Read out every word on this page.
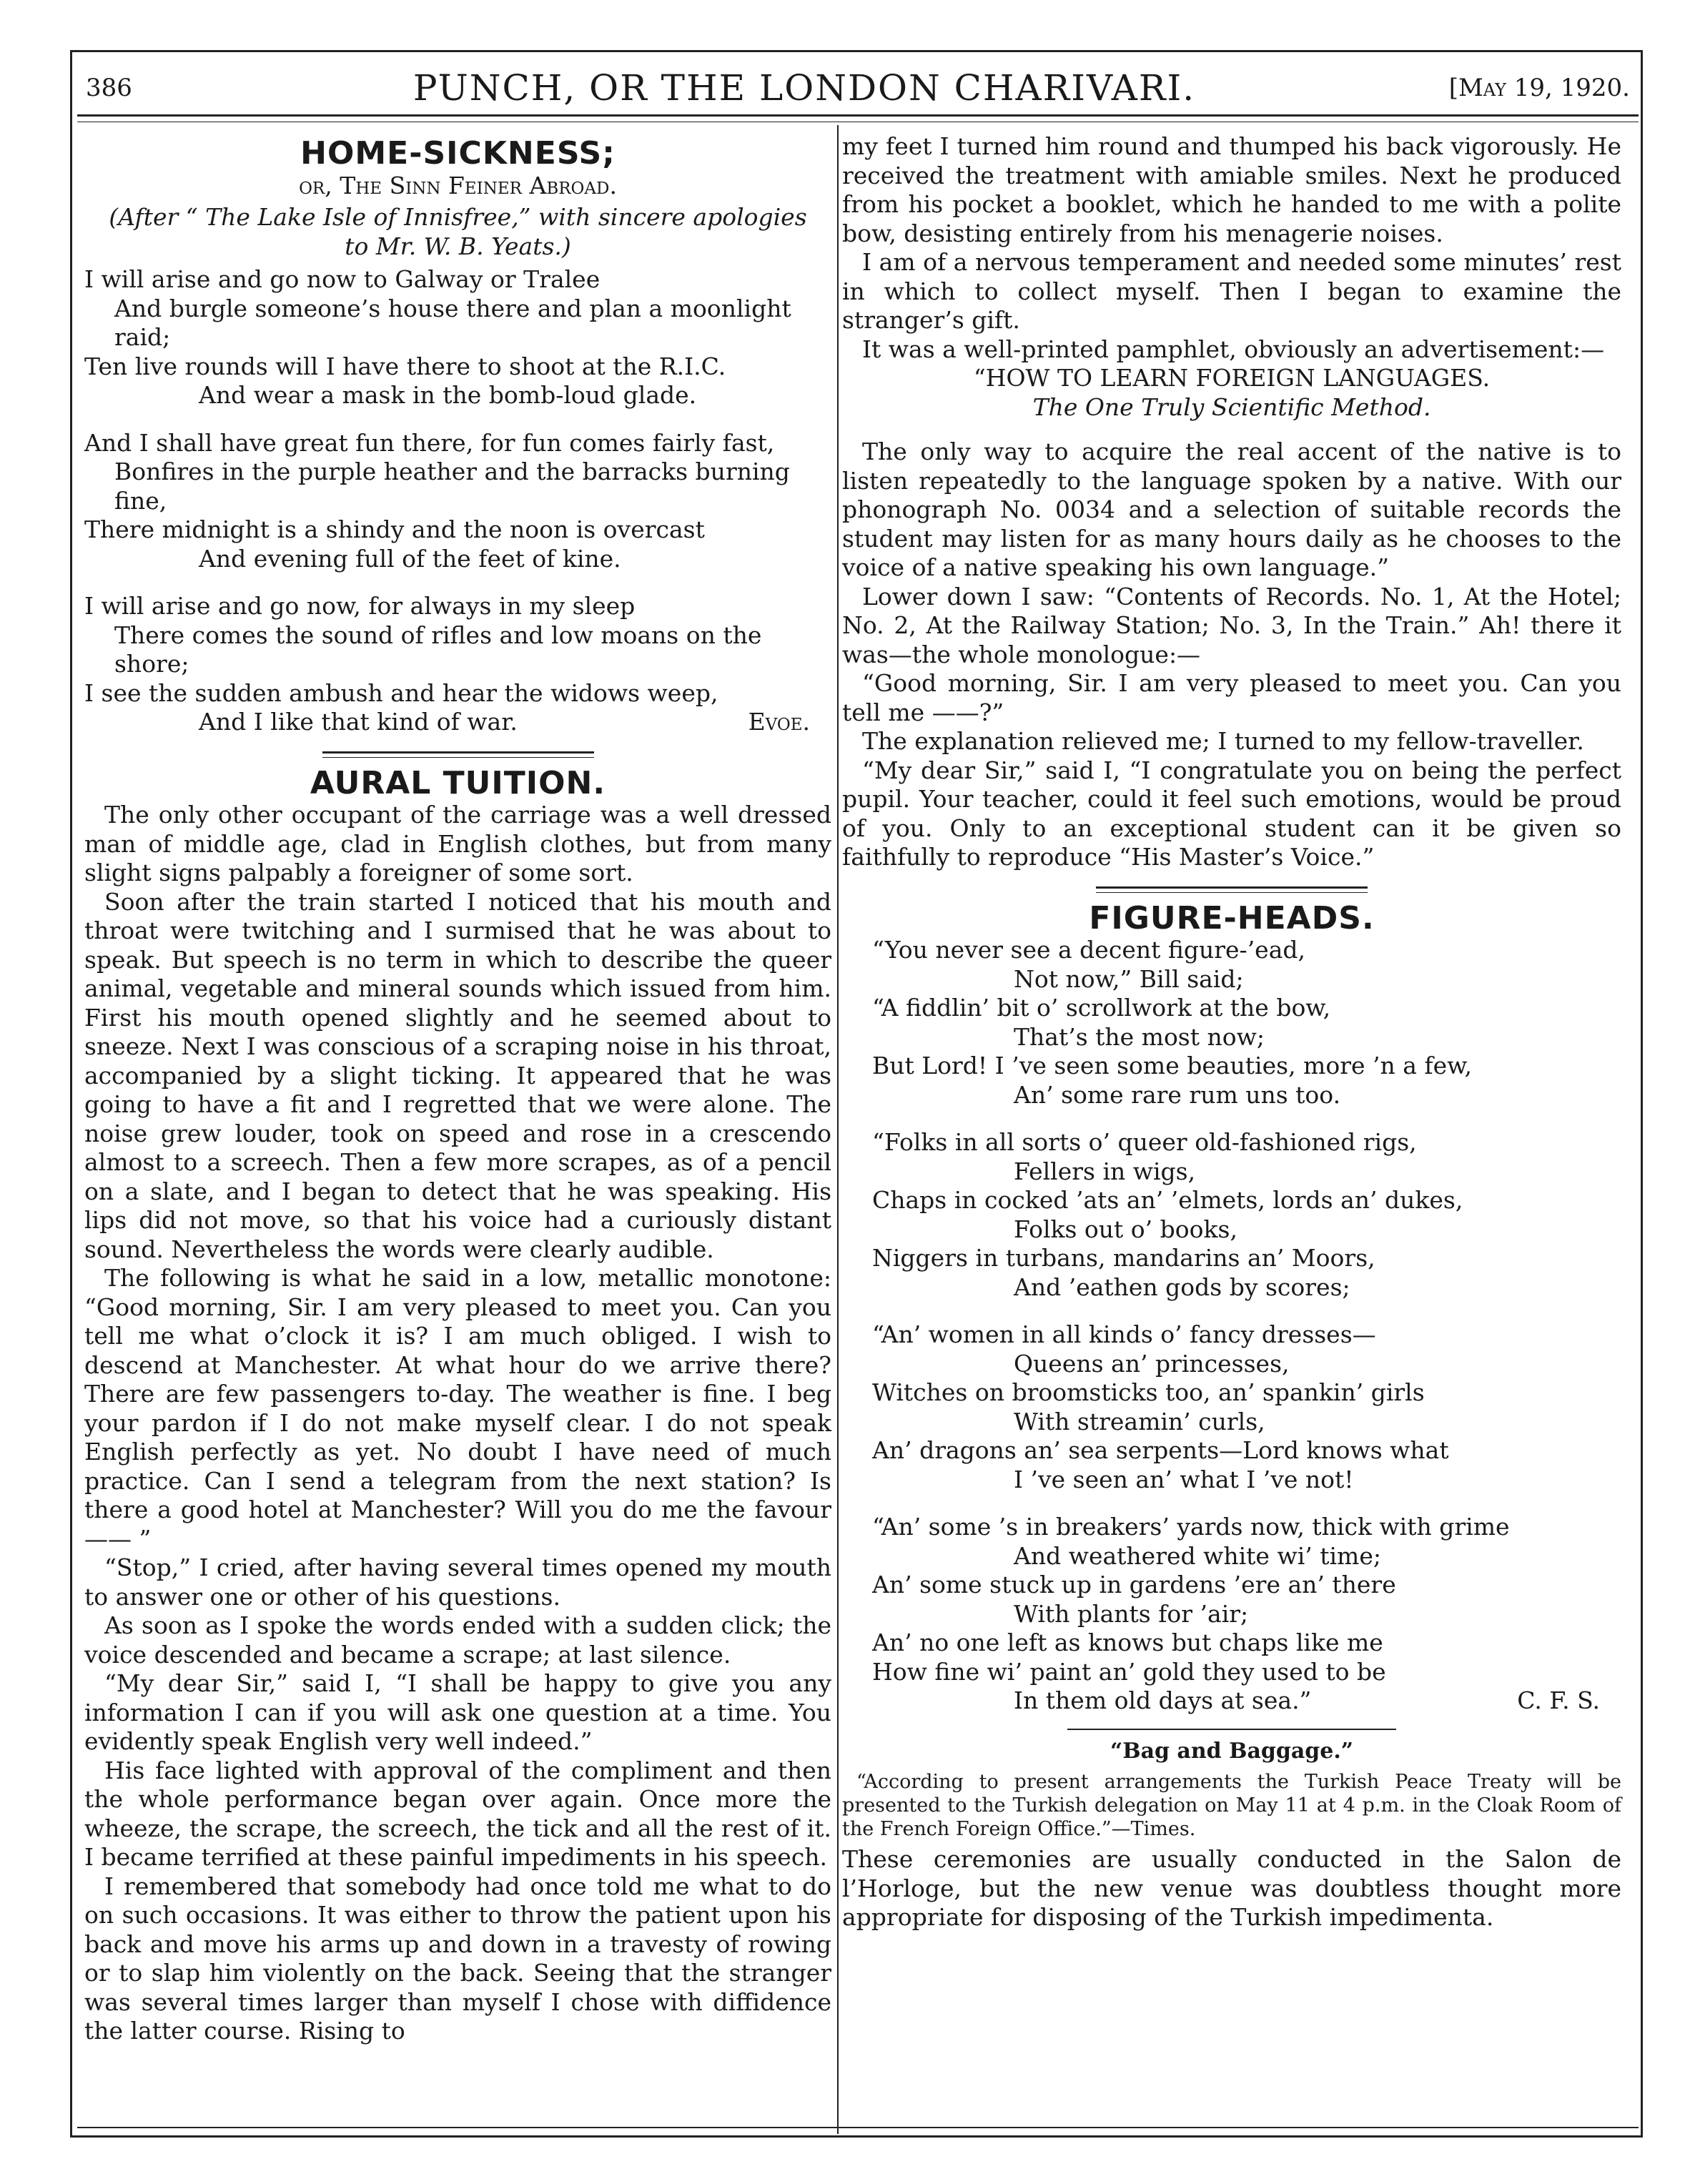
386	PUNCH, OR THE LONDON CHARIVARI.	[May 19, 1920.
HOME-SICKNESS;
or, The Sinn Feiner Abroad.
(After “ The Lake Isle of Innisfree,” with sincere apologies
to Mr. W. B. Yeats.)
I will arise and go now to Galway or Tralee
And burgle someone’s house there and plan a moonlight
raid;
Ten live rounds will I have there to shoot at the R.I.C.
And wear a mask in the bomb-loud glade.
And I shall have great fun there, for fun comes fairly fast,
Bonfires in the purple heather and the barracks burning
fine,
There midnight is a shindy and the noon is overcast
And evening full of the feet of kine.
I will arise and go now, for always in my sleep
There comes the sound of rifles and low moans on the
shore;
I see the sudden ambush and hear the widows weep,
And I like that kind of war.	Evoe.
AURAL TUITION.

The only other occupant of the carriage was a well dressed man of middle age, clad in English clothes, but from many slight signs palpably a foreigner of some sort.

Soon after the train started I noticed that his mouth and throat were twitching and I surmised that he was about to speak. But speech is no term in which to describe the queer animal, vegetable and mineral sounds which issued from him. First his mouth opened slightly and he seemed about to sneeze. Next I was conscious of a scraping noise in his throat, accompanied by a slight ticking. It appeared that he was going to have a fit and I regretted that we were alone. The noise grew louder, took on speed and rose in a crescendo almost to a screech. Then a few more scrapes, as of a pencil on a slate, and I began to detect that he was speaking. His lips did not move, so that his voice had a curiously distant sound. Nevertheless the words were clearly audible.

The following is what he said in a low, metallic monotone: “Good morning, Sir. I am very pleased to meet you. Can you tell me what o’clock it is? I am much obliged. I wish to descend at Manchester. At what hour do we arrive there? There are few passengers to-day. The weather is fine. I beg your pardon if I do not make myself clear. I do not speak English perfectly as yet. No doubt I have need of much practice. Can I send a telegram from the next station? Is there a good hotel at Manchester? Will you do me the favour—— ”

“Stop,” I cried, after having several times opened my mouth to answer one or other of his questions.

As soon as I spoke the words ended with a sudden click; the voice descended and became a scrape; at last silence.

“My dear Sir,” said I, “I shall be happy to give you any information I can if you will ask one question at a time. You evidently speak English very well indeed.”

His face lighted with approval of the compliment and then the whole performance began over again. Once more the wheeze, the scrape, the screech, the tick and all the rest of it. I became terrified at these painful impediments in his speech.

I remembered that somebody had once told me what to do on such occasions. It was either to throw the patient upon his back and move his arms up and down in a travesty of rowing or to slap him violently on the back. Seeing that the stranger was several times larger than myself I chose with diffidence the latter course. Rising to

my feet I turned him round and thumped his back vigorously. He received the treatment with amiable smiles. Next he produced from his pocket a booklet, which he handed to me with a polite bow, desisting entirely from his menagerie noises.

I am of a nervous temperament and needed some minutes’ rest in which to collect myself. Then I began to examine the stranger’s gift.

It was a well-printed pamphlet, obviously an advertisement:—

“HOW TO LEARN FOREIGN LANGUAGES.
The One Truly Scientific Method.

The only way to acquire the real accent of the native is to listen repeatedly to the language spoken by a native. With our phonograph No. 0034 and a selection of suitable records the student may listen for as many hours daily as he chooses to the voice of a native speaking his own language.”

Lower down I saw: “Contents of Records. No. 1, At the Hotel; No. 2, At the Railway Station; No. 3, In the Train.” Ah! there it was—the whole monologue:—

“Good morning, Sir. I am very pleased to meet you. Can you tell me ——?”

The explanation relieved me; I turned to my fellow-traveller.

“My dear Sir,” said I, “I congratulate you on being the perfect pupil. Your teacher, could it feel such emotions, would be proud of you. Only to an exceptional student can it be given so faithfully to reproduce “His Master’s Voice.”

FIGURE-HEADS.
“You never see a decent figure-’ead,
Not now,” Bill said;
“A fiddlin’ bit o’ scrollwork at the bow,
That’s the most now;
But Lord! I ’ve seen some beauties, more ’n a few,
An’ some rare rum uns too.
“Folks in all sorts o’ queer old-fashioned rigs,
Fellers in wigs,
Chaps in cocked ’ats an’ ’elmets, lords an’ dukes,
Folks out o’ books,
Niggers in turbans, mandarins an’ Moors,
And ’eathen gods by scores;
“An’ women in all kinds o’ fancy dresses—
Queens an’ princesses,
Witches on broomsticks too, an’ spankin’ girls
With streamin’ curls,
An’ dragons an’ sea serpents—Lord knows what
I ’ve seen an’ what I ’ve not!
“An’ some ’s in breakers’ yards now, thick with grime
And weathered white wi’ time;
An’ some stuck up in gardens ’ere an’ there
With plants for ’air;
An’ no one left as knows but chaps like me
How fine wi’ paint an’ gold they used to be
In them old days at sea.”	C. F. S.
“Bag and Baggage.”
“According to present arrangements the Turkish Peace Treaty will be presented to the Turkish delegation on May 11 at 4 p.m. in the Cloak Room of the French Foreign Office.”—Times.

These ceremonies are usually conducted in the Salon de l’Horloge, but the new venue was doubtless thought more appropriate for disposing of the Turkish impedimenta.
